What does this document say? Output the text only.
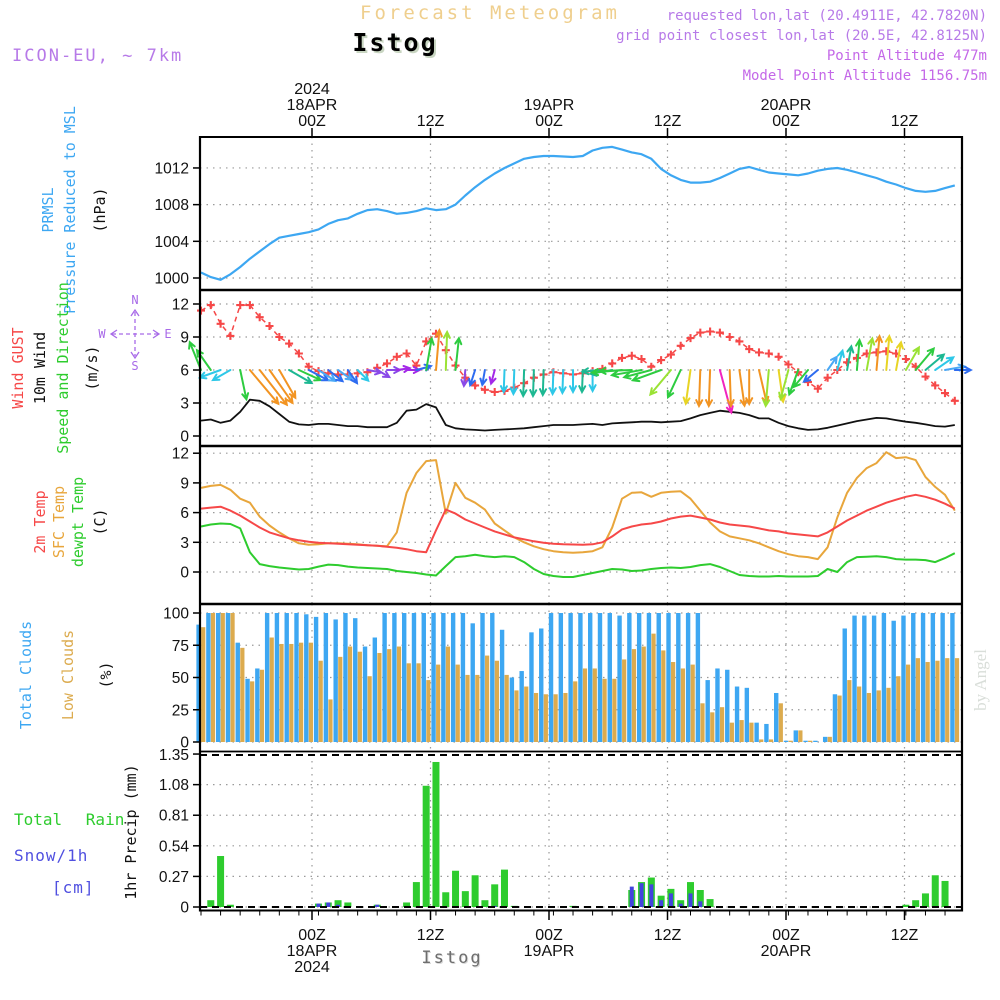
Forecast Meteogram
Istog
ICON-EU, ~ 7km
requested lon,lat (20.4911E, 42.7820N)
grid point closest lon,lat (20.5E, 42.8125N)
Point Altitude 477m
Model Point Altitude 1156.75m
PRMSL Pressure Reduced to MSL (hPa)
Wind GUST 10m Wind Speed and Direction (m/s)
N
S
W	E
2m Temp SFC Temp dewpt Temp (C)
Total Clouds Low Clouds (%)
Total Rain
Snow/1h
[cm] 1hr Precip (mm)
1000
1004
1008
1012
0
3
6
9
12
0
3
6
9
12
0
25
50
75
100
0
0.27
0.54
0.81
1.08
1.35
2024
18APR
00Z	12Z
19APR
00Z	12Z
20APR
00Z	12Z
00Z
18APR
2024
12Z	00Z
19APR
12Z	00Z
20APR
12Z
by Angel
Istog
